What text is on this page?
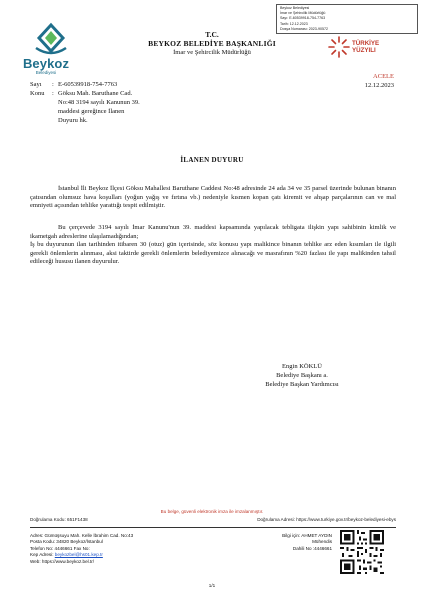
Beykoz Belediyesi
İmar ve Şehircilik Müdürlüğü
Sayı: E-60539918-754-7763
Tarih: 12.12.2023
Dosya Numarası: 2023-90572
Beykoz
Belediyesi
T.C.
BEYKOZ BELEDİYE BAŞKANLIĞI
İmar ve Şehircilik Müdürlüğü
TÜRKİYE
YÜZYILI
ACELE
12.12.2023
Sayı : E-60539918-754-7763
Konu : Göksu Mah. Baruthane Cad.
No:48 3194 sayılı Kanunun 39.
maddesi gereğince İlanen
Duyuru hk.
İLANEN DUYURU

İstanbul İli Beykoz İlçesi Göksu Mahallesi Baruthane Caddesi No:48 adresinde 24 ada 34 ve 35 parsel üzerinde bulunan binanın çatısından olumsuz hava koşulları (yoğun yağış ve fırtına vb.) nedeniyle kısmen kopan çatı kiremit ve ahşap parçalarının can ve mal emniyeti açısından tehlike yarattığı tespit edilmiştir.

Bu çerçevede 3194 sayılı İmar Kanunu'nun 39. maddesi kapsamında yapılacak tebligata ilişkin yapı sahibinin kimlik ve ikametgah adreslerine ulaşılamadığından;

İş bu duyurunun ilan tarihinden itibaren 30 (otuz) gün içerisinde, söz konusu yapı malikince binanın tehlike arz eden kısımları ile ilgili gerekli önlemlerin alınması, aksi taktirde gerekli önlemlerin belediyemizce alınacağı ve masrafının %20 fazlası ile yapı malikinden tahsil edileceği hususu ilanen duyurulur.

Engin KÖKLÜ
Belediye Başkanı a.
Belediye Başkan Yardımcısı
Bu belge, güvenli elektronik imza ile imzalanmıştır.
Doğrulama Kodu: 651F1438	Doğrulama Adresi: https://www.turkiye.gov.tr/beykoz-belediyesi-ebys
Adres: Gümüşsuyu Mah. Kelle İbrahim Cad. No:43
Posta Kodu: 34820 Beykoz/İstanbul
Telefon No: 4446661 Fax No:
Kep Adresi: beykozbel@hs01.kep.tr
Web: https://www.beykoz.bel.tr/
Bilgi için: AHMET AYDIN
Mühendis
Dahili No :4446661
1/1
